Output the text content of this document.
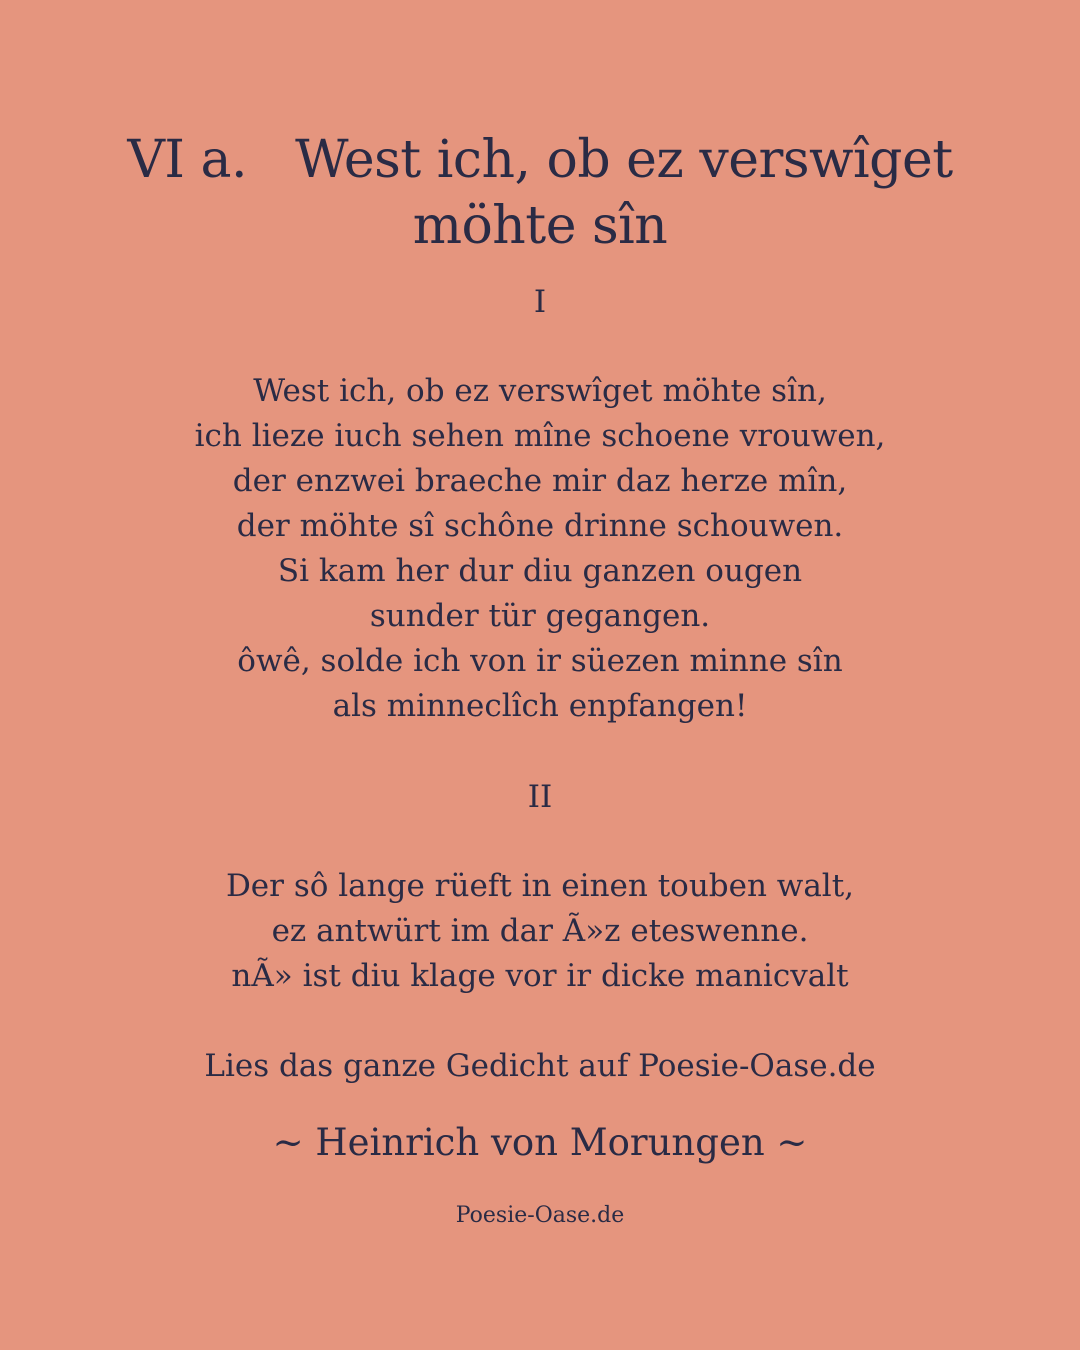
VI a.   West ich, ob ez verswîget
möhte sîn
I
West ich, ob ez verswîget möhte sîn,
ich lieze iuch sehen mîne schoene vrouwen,
der enzwei braeche mir daz herze mîn,
der möhte sî schône drinne schouwen.
Si kam her dur diu ganzen ougen
sunder tür gegangen.
ôwê, solde ich von ir süezen minne sîn
als minneclîch enpfangen!
II
Der sô lange rüeft in einen touben walt,
ez antwürt im dar Ã»z eteswenne.
nÃ» ist diu klage vor ir dicke manicvalt
Lies das ganze Gedicht auf Poesie-Oase.de
~ Heinrich von Morungen ~
Poesie-Oase.de
